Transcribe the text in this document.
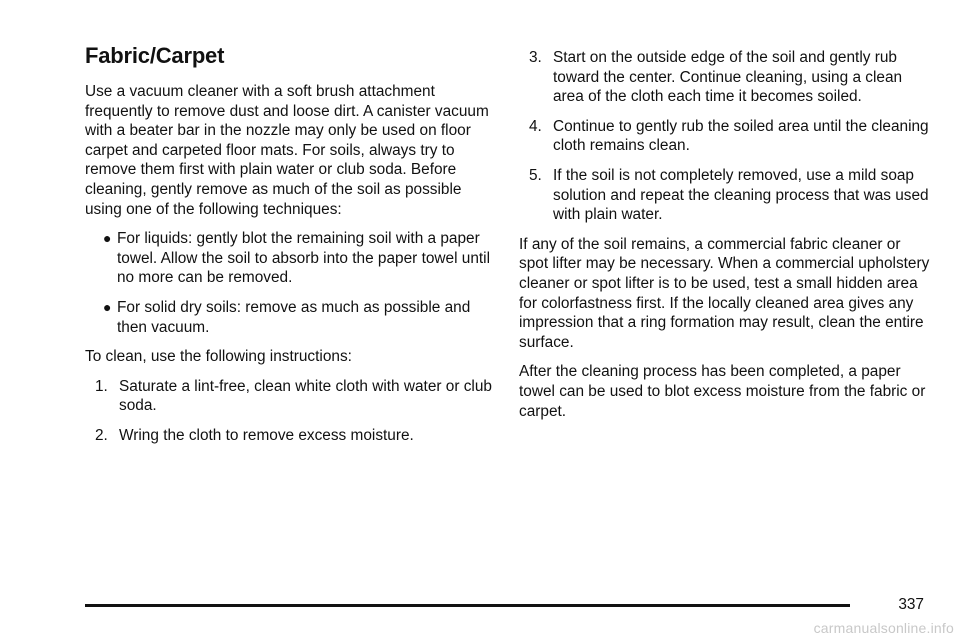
Fabric/Carpet

Use a vacuum cleaner with a soft brush attachment frequently to remove dust and loose dirt. A canister vacuum with a beater bar in the nozzle may only be used on floor carpet and carpeted floor mats. For soils, always try to remove them first with plain water or club soda. Before cleaning, gently remove as much of the soil as possible using one of the following techniques:

● For liquids: gently blot the remaining soil with a paper towel. Allow the soil to absorb into the paper towel until no more can be removed.
● For solid dry soils: remove as much as possible and then vacuum.

To clean, use the following instructions:

1. Saturate a lint-free, clean white cloth with water or club soda.
2. Wring the cloth to remove excess moisture.
3. Start on the outside edge of the soil and gently rub toward the center. Continue cleaning, using a clean area of the cloth each time it becomes soiled.
4. Continue to gently rub the soiled area until the cleaning cloth remains clean.
5. If the soil is not completely removed, use a mild soap solution and repeat the cleaning process that was used with plain water.

If any of the soil remains, a commercial fabric cleaner or spot lifter may be necessary. When a commercial upholstery cleaner or spot lifter is to be used, test a small hidden area for colorfastness first. If the locally cleaned area gives any impression that a ring formation may result, clean the entire surface.

After the cleaning process has been completed, a paper towel can be used to blot excess moisture from the fabric or carpet.

337
carmanualsonline.info
